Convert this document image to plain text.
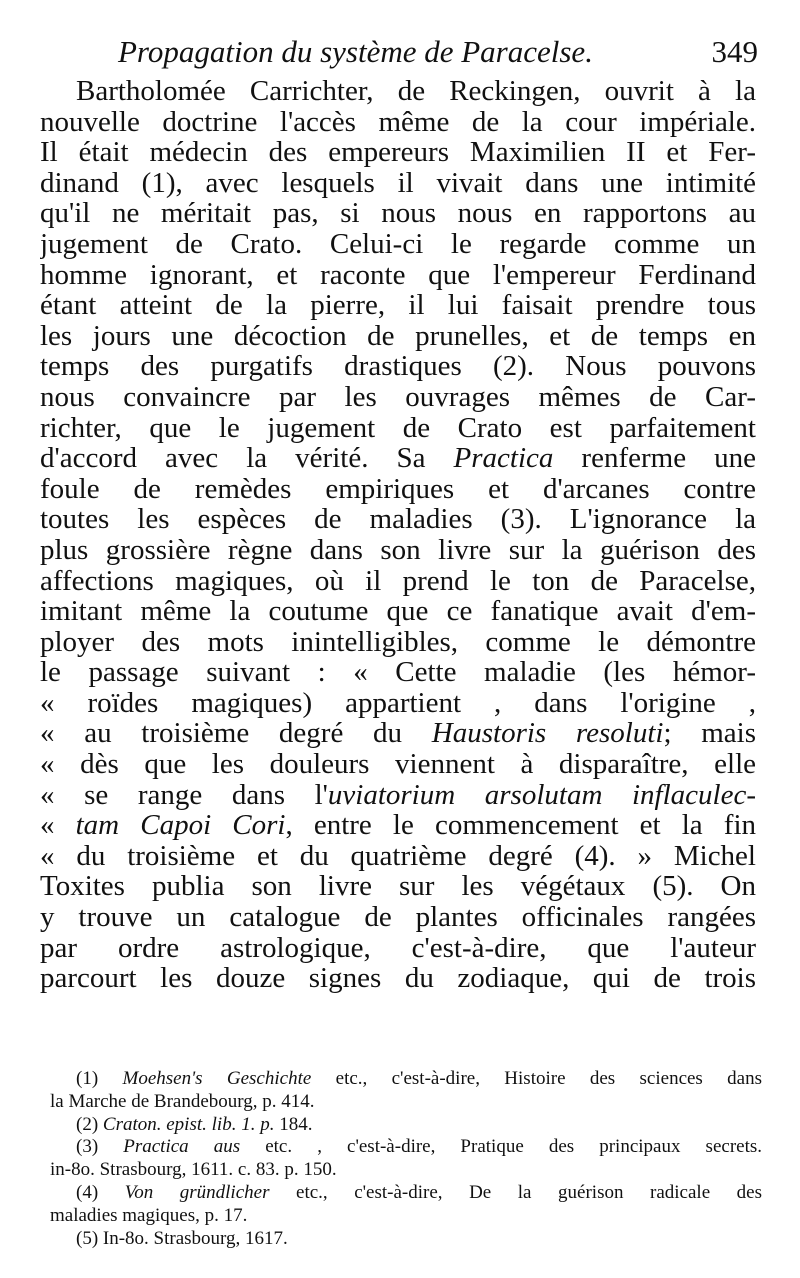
Propagation du système de Paracelse.	349
Bartholomée Carrichter, de Reckingen, ouvrit à la
nouvelle doctrine l'accès même de la cour impériale.
Il était médecin des empereurs Maximilien II et Fer-
dinand (1), avec lesquels il vivait dans une intimité
qu'il ne méritait pas, si nous nous en rapportons au
jugement de Crato. Celui-ci le regarde comme un
homme ignorant, et raconte que l'empereur Ferdinand
étant atteint de la pierre, il lui faisait prendre tous
les jours une décoction de prunelles, et de temps en
temps des purgatifs drastiques (2). Nous pouvons
nous convaincre par les ouvrages mêmes de Car-
richter, que le jugement de Crato est parfaitement
d'accord avec la vérité. Sa Practica renferme une
foule de remèdes empiriques et d'arcanes contre
toutes les espèces de maladies (3). L'ignorance la
plus grossière règne dans son livre sur la guérison des
affections magiques, où il prend le ton de Paracelse,
imitant même la coutume que ce fanatique avait d'em-
ployer des mots inintelligibles, comme le démontre
le passage suivant : « Cette maladie (les hémor-
« roïdes magiques) appartient , dans l'origine ,
« au troisième degré du Haustoris resoluti; mais
« dès que les douleurs viennent à disparaître, elle
« se range dans l'uviatorium arsolutam inflaculec-
« tam Capoi Cori, entre le commencement et la fin
« du troisième et du quatrième degré (4). » Michel
Toxites publia son livre sur les végétaux (5). On
y trouve un catalogue de plantes officinales rangées
par ordre astrologique, c'est-à-dire, que l'auteur
parcourt les douze signes du zodiaque, qui de trois
(1) Moehsen's Geschichte etc., c'est-à-dire, Histoire des sciences dans
la Marche de Brandebourg, p. 414.
(2) Craton. epist. lib. 1. p. 184.
(3) Practica aus etc. , c'est-à-dire, Pratique des principaux secrets.
in-8o. Strasbourg, 1611. c. 83. p. 150.
(4) Von gründlicher etc., c'est-à-dire, De la guérison radicale des
maladies magiques, p. 17.
(5) In-8o. Strasbourg, 1617.
